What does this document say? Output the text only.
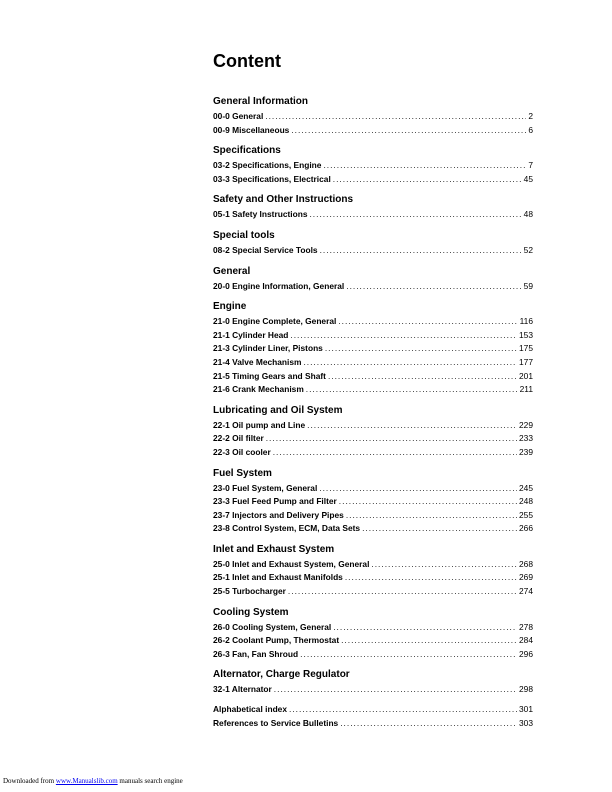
Content
General Information
00-0 General .....	2
00-9 Miscellaneous .....	6
Specifications
03-2 Specifications, Engine .....	7
03-3 Specifications, Electrical .....	45
Safety and Other Instructions
05-1 Safety Instructions .....	48
Special tools
08-2 Special Service Tools .....	52
General
20-0 Engine Information, General .....	59
Engine
21-0 Engine Complete, General .....	116
21-1 Cylinder Head .....	153
21-3 Cylinder Liner, Pistons .....	175
21-4 Valve Mechanism .....	177
21-5 Timing Gears and Shaft .....	201
21-6 Crank Mechanism .....	211
Lubricating and Oil System
22-1 Oil pump and Line .....	229
22-2 Oil filter .....	233
22-3 Oil cooler .....	239
Fuel System
23-0 Fuel System, General .....	245
23-3 Fuel Feed Pump and Filter .....	248
23-7 Injectors and Delivery Pipes .....	255
23-8 Control System, ECM, Data Sets .....	266
Inlet and Exhaust System
25-0 Inlet and Exhaust System, General .....	268
25-1 Inlet and Exhaust Manifolds .....	269
25-5 Turbocharger .....	274
Cooling System
26-0 Cooling System, General .....	278
26-2 Coolant Pump, Thermostat .....	284
26-3 Fan, Fan Shroud .....	296
Alternator, Charge Regulator
32-1 Alternator .....	298
Alphabetical index .....	301
References to Service Bulletins .....	303
Downloaded from www.Manualslib.com manuals search engine
